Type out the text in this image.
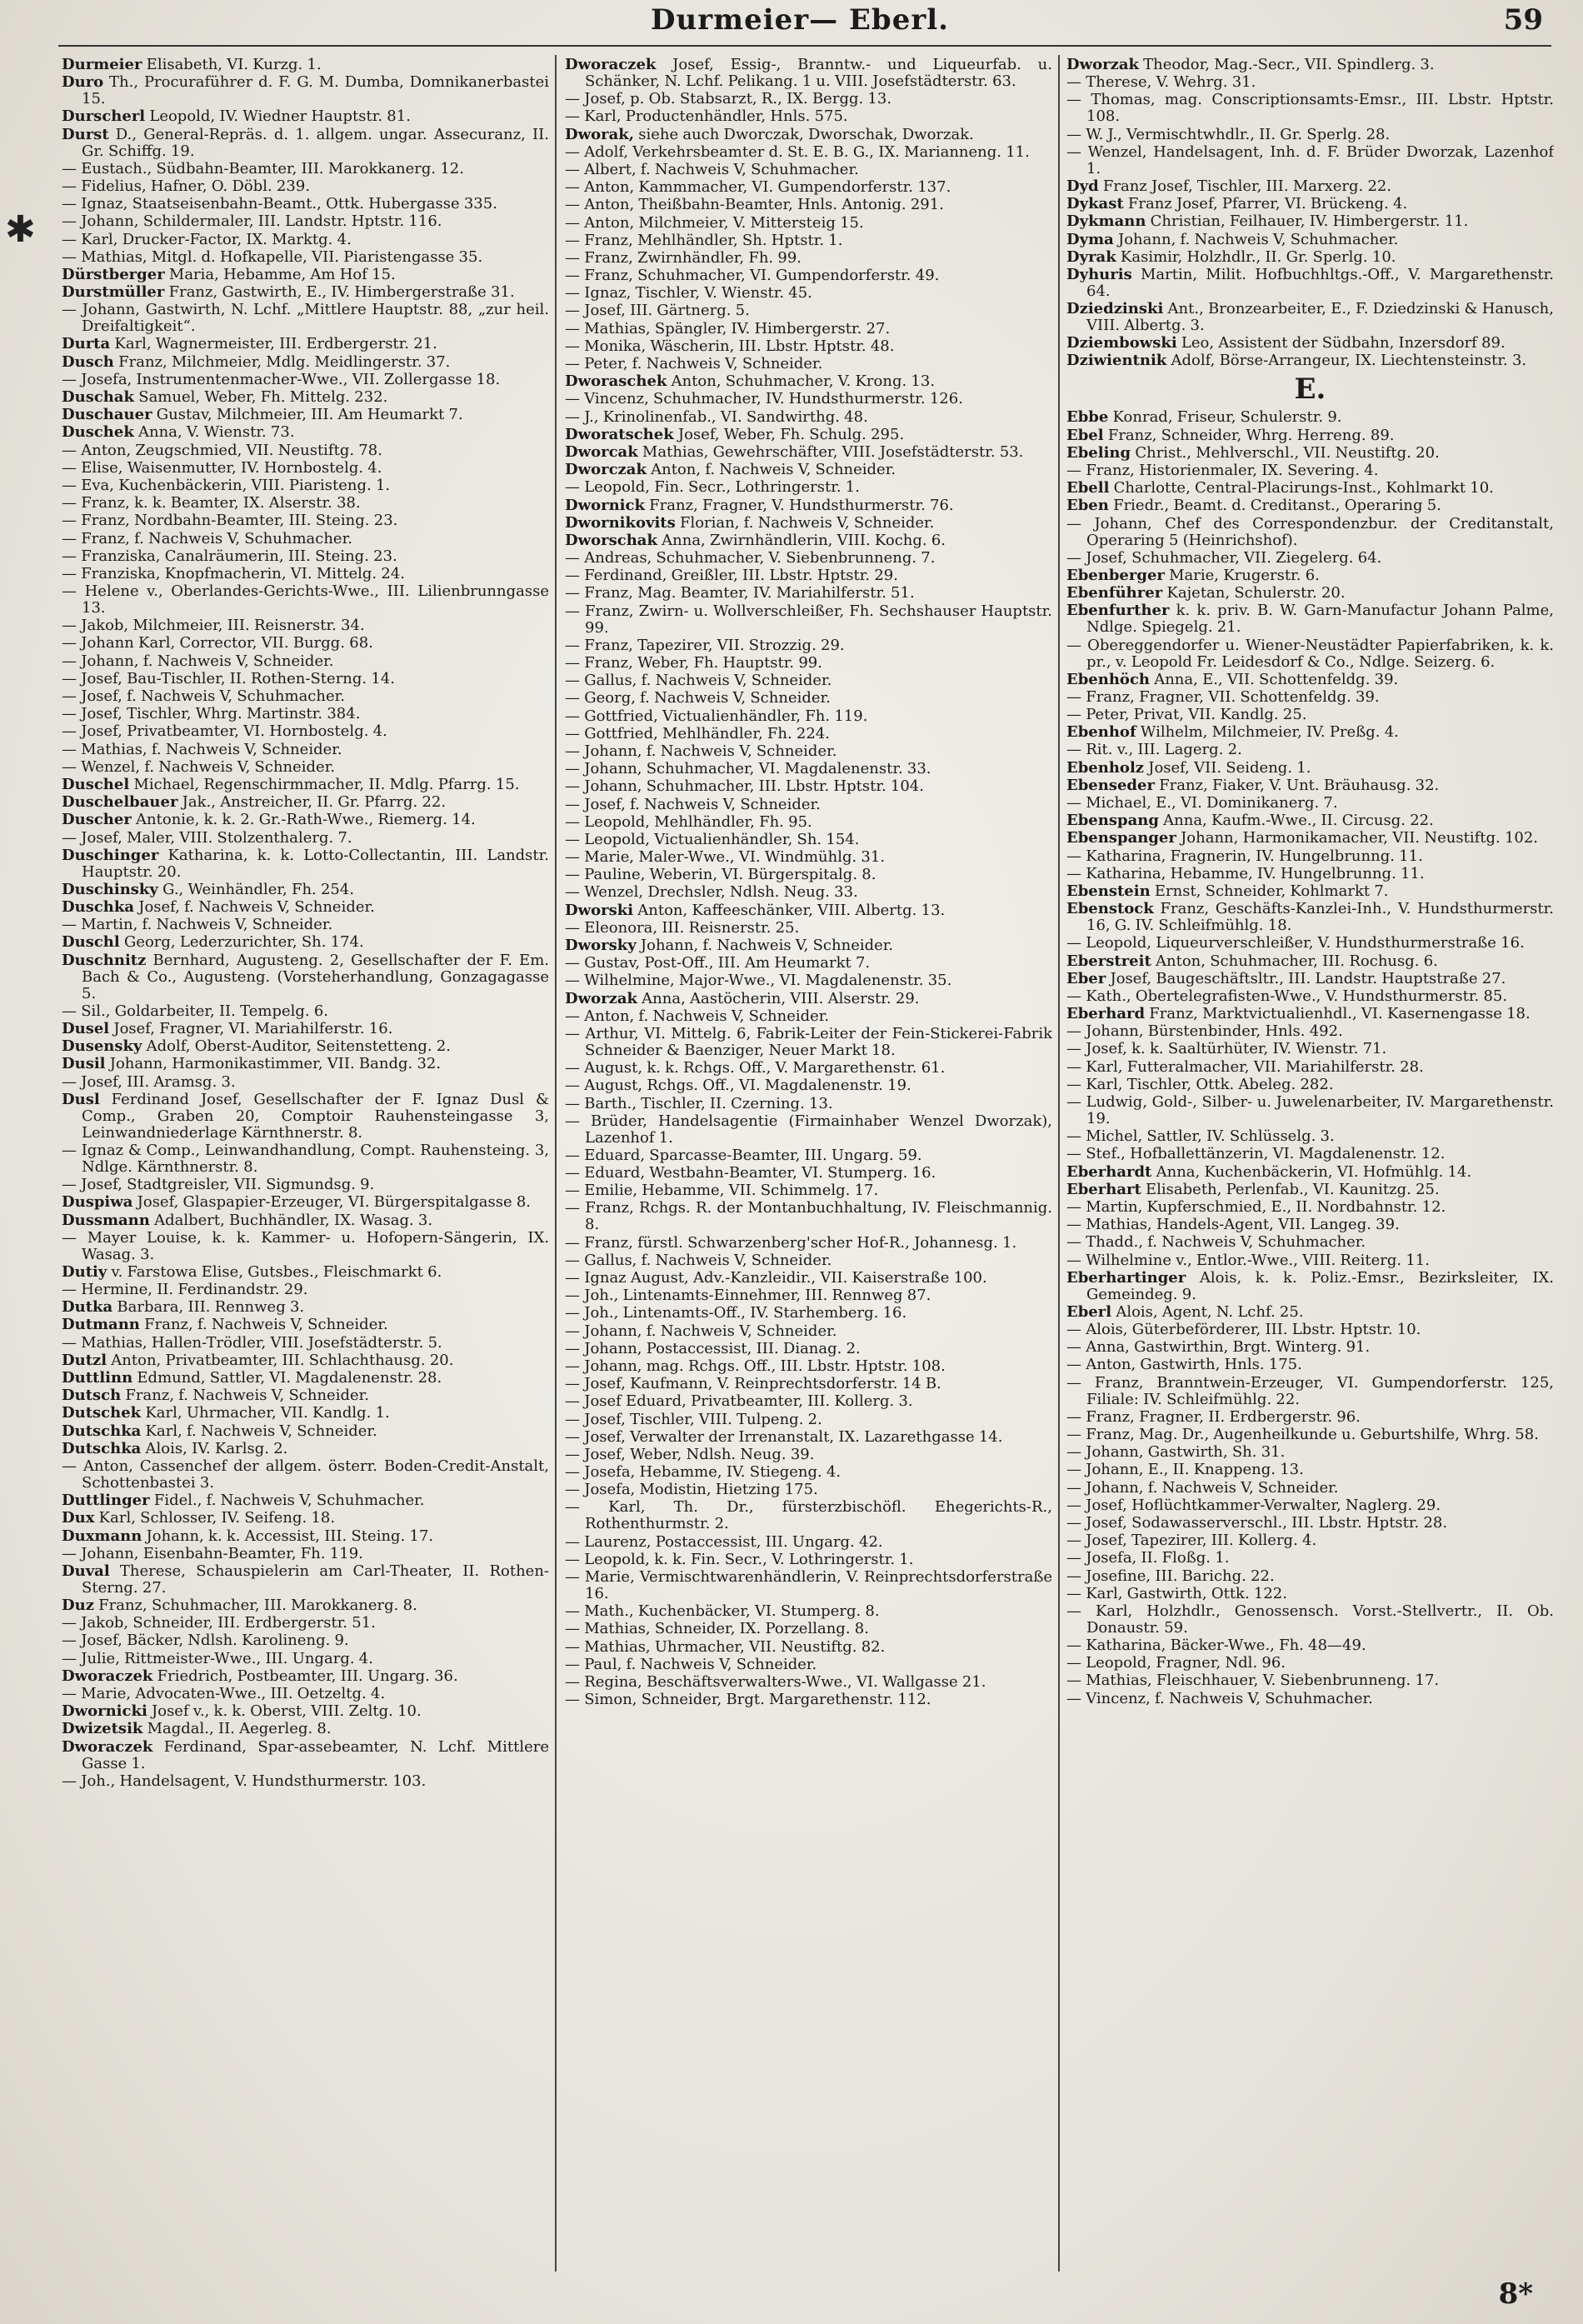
Durmeier— Eberl.	59
✱
Durmeier Elisabeth, VI. Kurzg. 1.
Duro Th., Procuraführer d. F. G. M. Dumba, Domnikanerbastei 15.
Durscherl Leopold, IV. Wiedner Hauptstr. 81.
Durst D., General-Repräs. d. 1. allgem. ungar. Assecuranz, II. Gr. Schiffg. 19.
— Eustach., Südbahn-Beamter, III. Marokkanerg. 12.
— Fidelius, Hafner, O. Döbl. 239.
— Ignaz, Staatseisenbahn-Beamt., Ottk. Hubergasse 335.
— Johann, Schildermaler, III. Landstr. Hptstr. 116.
— Karl, Drucker-Factor, IX. Marktg. 4.
— Mathias, Mitgl. d. Hofkapelle, VII. Piaristengasse 35.
Dürstberger Maria, Hebamme, Am Hof 15.
Durstmüller Franz, Gastwirth, E., IV. Himbergerstraße 31.
— Johann, Gastwirth, N. Lchf. „Mittlere Hauptstr. 88, „zur heil. Dreifaltigkeit“.
Durta Karl, Wagnermeister, III. Erdbergerstr. 21.
Dusch Franz, Milchmeier, Mdlg. Meidlingerstr. 37.
— Josefa, Instrumentenmacher-Wwe., VII. Zollergasse 18.
Duschak Samuel, Weber, Fh. Mittelg. 232.
Duschauer Gustav, Milchmeier, III. Am Heumarkt 7.
Duschek Anna, V. Wienstr. 73.
— Anton, Zeugschmied, VII. Neustiftg. 78.
— Elise, Waisenmutter, IV. Hornbostelg. 4.
— Eva, Kuchenbäckerin, VIII. Piaristeng. 1.
— Franz, k. k. Beamter, IX. Alserstr. 38.
— Franz, Nordbahn-Beamter, III. Steing. 23.
— Franz, f. Nachweis V, Schuhmacher.
— Franziska, Canalräumerin, III. Steing. 23.
— Franziska, Knopfmacherin, VI. Mittelg. 24.
— Helene v., Oberlandes-Gerichts-Wwe., III. Lilienbrunngasse 13.
— Jakob, Milchmeier, III. Reisnerstr. 34.
— Johann Karl, Corrector, VII. Burgg. 68.
— Johann, f. Nachweis V, Schneider.
— Josef, Bau-Tischler, II. Rothen-Sterng. 14.
— Josef, f. Nachweis V, Schuhmacher.
— Josef, Tischler, Whrg. Martinstr. 384.
— Josef, Privatbeamter, VI. Hornbostelg. 4.
— Mathias, f. Nachweis V, Schneider.
— Wenzel, f. Nachweis V, Schneider.
Duschel Michael, Regenschirmmacher, II. Mdlg. Pfarrg. 15.
Duschelbauer Jak., Anstreicher, II. Gr. Pfarrg. 22.
Duscher Antonie, k. k. 2. Gr.-Rath-Wwe., Riemerg. 14.
— Josef, Maler, VIII. Stolzenthalerg. 7.
Duschinger Katharina, k. k. Lotto-Collectantin, III. Landstr. Hauptstr. 20.
Duschinsky G., Weinhändler, Fh. 254.
Duschka Josef, f. Nachweis V, Schneider.
— Martin, f. Nachweis V, Schneider.
Duschl Georg, Lederzurichter, Sh. 174.
Duschnitz Bernhard, Augusteng. 2, Gesellschafter der F. Em. Bach & Co., Augusteng. (Vorsteherhandlung, Gonzagagasse 5.
— Sil., Goldarbeiter, II. Tempelg. 6.
Dusel Josef, Fragner, VI. Mariahilferstr. 16.
Dusensky Adolf, Oberst-Auditor, Seitenstetteng. 2.
Dusil Johann, Harmonikastimmer, VII. Bandg. 32.
— Josef, III. Aramsg. 3.
Dusl Ferdinand Josef, Gesellschafter der F. Ignaz Dusl & Comp., Graben 20, Comptoir Rauhensteingasse 3, Leinwandniederlage Kärnthnerstr. 8.
— Ignaz & Comp., Leinwandhandlung, Compt. Rauhensteing. 3, Ndlge. Kärnthnerstr. 8.
— Josef, Stadtgreisler, VII. Sigmundsg. 9.
Duspiwa Josef, Glaspapier-Erzeuger, VI. Bürgerspitalgasse 8.
Dussmann Adalbert, Buchhändler, IX. Wasag. 3.
— Mayer Louise, k. k. Kammer- u. Hofopern-Sängerin, IX. Wasag. 3.
Dutiy v. Farstowa Elise, Gutsbes., Fleischmarkt 6.
— Hermine, II. Ferdinandstr. 29.
Dutka Barbara, III. Rennweg 3.
Dutmann Franz, f. Nachweis V, Schneider.
— Mathias, Hallen-Trödler, VIII. Josefstädterstr. 5.
Dutzl Anton, Privatbeamter, III. Schlachthausg. 20.
Duttlinn Edmund, Sattler, VI. Magdalenenstr. 28.
Dutsch Franz, f. Nachweis V, Schneider.
Dutschek Karl, Uhrmacher, VII. Kandlg. 1.
Dutschka Karl, f. Nachweis V, Schneider.
Dutschka Alois, IV. Karlsg. 2.
— Anton, Cassenchef der allgem. österr. Boden-Credit-Anstalt, Schottenbastei 3.
Duttlinger Fidel., f. Nachweis V, Schuhmacher.
Dux Karl, Schlosser, IV. Seifeng. 18.
Duxmann Johann, k. k. Accessist, III. Steing. 17.
— Johann, Eisenbahn-Beamter, Fh. 119.
Duval Therese, Schauspielerin am Carl-Theater, II. Rothen-Sterng. 27.
Duz Franz, Schuhmacher, III. Marokkanerg. 8.
— Jakob, Schneider, III. Erdbergerstr. 51.
— Josef, Bäcker, Ndlsh. Karolineng. 9.
— Julie, Rittmeister-Wwe., III. Ungarg. 4.
Dworaczek Friedrich, Postbeamter, III. Ungarg. 36.
— Marie, Advocaten-Wwe., III. Oetzeltg. 4.
Dwornicki Josef v., k. k. Oberst, VIII. Zeltg. 10.
Dwizetsik Magdal., II. Aegerleg. 8.
Dworaczek Ferdinand, Spar-assebeamter, N. Lchf. Mittlere Gasse 1.
— Joh., Handelsagent, V. Hundsthurmerstr. 103.
Dworaczek Josef, Essig-, Branntw.- und Liqueurfab. u. Schänker, N. Lchf. Pelikang. 1 u. VIII. Josefstädterstr. 63.
— Josef, p. Ob. Stabsarzt, R., IX. Bergg. 13.
— Karl, Productenhändler, Hnls. 575.
Dworak, siehe auch Dworczak, Dworschak, Dworzak.
— Adolf, Verkehrsbeamter d. St. E. B. G., IX. Marianneng. 11.
— Albert, f. Nachweis V, Schuhmacher.
— Anton, Kammmacher, VI. Gumpendorferstr. 137.
— Anton, Theißbahn-Beamter, Hnls. Antonig. 291.
— Anton, Milchmeier, V. Mittersteig 15.
— Franz, Mehlhändler, Sh. Hptstr. 1.
— Franz, Zwirnhändler, Fh. 99.
— Franz, Schuhmacher, VI. Gumpendorferstr. 49.
— Ignaz, Tischler, V. Wienstr. 45.
— Josef, III. Gärtnerg. 5.
— Mathias, Spängler, IV. Himbergerstr. 27.
— Monika, Wäscherin, III. Lbstr. Hptstr. 48.
— Peter, f. Nachweis V, Schneider.
Dworaschek Anton, Schuhmacher, V. Krong. 13.
— Vincenz, Schuhmacher, IV. Hundsthurmerstr. 126.
— J., Krinolinenfab., VI. Sandwirthg. 48.
Dworatschek Josef, Weber, Fh. Schulg. 295.
Dworcak Mathias, Gewehrschäfter, VIII. Josefstädterstr. 53.
Dworczak Anton, f. Nachweis V, Schneider.
— Leopold, Fin. Secr., Lothringerstr. 1.
Dwornick Franz, Fragner, V. Hundsthurmerstr. 76.
Dwornikovits Florian, f. Nachweis V, Schneider.
Dworschak Anna, Zwirnhändlerin, VIII. Kochg. 6.
— Andreas, Schuhmacher, V. Siebenbrunneng. 7.
— Ferdinand, Greißler, III. Lbstr. Hptstr. 29.
— Franz, Mag. Beamter, IV. Mariahilferstr. 51.
— Franz, Zwirn- u. Wollverschleißer, Fh. Sechshauser Hauptstr. 99.
— Franz, Tapezirer, VII. Strozzig. 29.
— Franz, Weber, Fh. Hauptstr. 99.
— Gallus, f. Nachweis V, Schneider.
— Georg, f. Nachweis V, Schneider.
— Gottfried, Victualienhändler, Fh. 119.
— Gottfried, Mehlhändler, Fh. 224.
— Johann, f. Nachweis V, Schneider.
— Johann, Schuhmacher, VI. Magdalenenstr. 33.
— Johann, Schuhmacher, III. Lbstr. Hptstr. 104.
— Josef, f. Nachweis V, Schneider.
— Leopold, Mehlhändler, Fh. 95.
— Leopold, Victualienhändler, Sh. 154.
— Marie, Maler-Wwe., VI. Windmühlg. 31.
— Pauline, Weberin, VI. Bürgerspitalg. 8.
— Wenzel, Drechsler, Ndlsh. Neug. 33.
Dworski Anton, Kaffeeschänker, VIII. Albertg. 13.
— Eleonora, III. Reisnerstr. 25.
Dworsky Johann, f. Nachweis V, Schneider.
— Gustav, Post-Off., III. Am Heumarkt 7.
— Wilhelmine, Major-Wwe., VI. Magdalenenstr. 35.
Dworzak Anna, Aastöcherin, VIII. Alserstr. 29.
— Anton, f. Nachweis V, Schneider.
— Arthur, VI. Mittelg. 6, Fabrik-Leiter der Fein-Stickerei-Fabrik Schneider & Baenziger, Neuer Markt 18.
— August, k. k. Rchgs. Off., V. Margarethenstr. 61.
— August, Rchgs. Off., VI. Magdalenenstr. 19.
— Barth., Tischler, II. Czerning. 13.
— Brüder, Handelsagentie (Firmainhaber Wenzel Dworzak), Lazenhof 1.
— Eduard, Sparcasse-Beamter, III. Ungarg. 59.
— Eduard, Westbahn-Beamter, VI. Stumperg. 16.
— Emilie, Hebamme, VII. Schimmelg. 17.
— Franz, Rchgs. R. der Montanbuchhaltung, IV. Fleischmannig. 8.
— Franz, fürstl. Schwarzenberg'scher Hof-R., Johannesg. 1.
— Gallus, f. Nachweis V, Schneider.
— Ignaz August, Adv.-Kanzleidir., VII. Kaiserstraße 100.
— Joh., Lintenamts-Einnehmer, III. Rennweg 87.
— Joh., Lintenamts-Off., IV. Starhemberg. 16.
— Johann, f. Nachweis V, Schneider.
— Johann, Postaccessist, III. Dianag. 2.
— Johann, mag. Rchgs. Off., III. Lbstr. Hptstr. 108.
— Josef, Kaufmann, V. Reinprechtsdorferstr. 14 B.
— Josef Eduard, Privatbeamter, III. Kollerg. 3.
— Josef, Tischler, VIII. Tulpeng. 2.
— Josef, Verwalter der Irrenanstalt, IX. Lazarethgasse 14.
— Josef, Weber, Ndlsh. Neug. 39.
— Josefa, Hebamme, IV. Stiegeng. 4.
— Josefa, Modistin, Hietzing 175.
— Karl, Th. Dr., fürsterzbischöfl. Ehegerichts-R., Rothenthurmstr. 2.
— Laurenz, Postaccessist, III. Ungarg. 42.
— Leopold, k. k. Fin. Secr., V. Lothringerstr. 1.
— Marie, Vermischtwarenhändlerin, V. Reinprechtsdorferstraße 16.
— Math., Kuchenbäcker, VI. Stumperg. 8.
— Mathias, Schneider, IX. Porzellang. 8.
— Mathias, Uhrmacher, VII. Neustiftg. 82.
— Paul, f. Nachweis V, Schneider.
— Regina, Beschäftsverwalters-Wwe., VI. Wallgasse 21.
— Simon, Schneider, Brgt. Margarethenstr. 112.
Dworzak Theodor, Mag.-Secr., VII. Spindlerg. 3.
— Therese, V. Wehrg. 31.
— Thomas, mag. Conscriptionsamts-Emsr., III. Lbstr. Hptstr. 108.
— W. J., Vermischtwhdlr., II. Gr. Sperlg. 28.
— Wenzel, Handelsagent, Inh. d. F. Brüder Dworzak, Lazenhof 1.
Dyd Franz Josef, Tischler, III. Marxerg. 22.
Dykast Franz Josef, Pfarrer, VI. Brückeng. 4.
Dykmann Christian, Feilhauer, IV. Himbergerstr. 11.
Dyma Johann, f. Nachweis V, Schuhmacher.
Dyrak Kasimir, Holzhdlr., II. Gr. Sperlg. 10.
Dyhuris Martin, Milit. Hofbuchhltgs.-Off., V. Margarethenstr. 64.
Dziedzinski Ant., Bronzearbeiter, E., F. Dziedzinski & Hanusch, VIII. Albertg. 3.
Dziembowski Leo, Assistent der Südbahn, Inzersdorf 89.
Dziwientnik Adolf, Börse-Arrangeur, IX. Liechtensteinstr. 3.
E.
Ebbe Konrad, Friseur, Schulerstr. 9.
Ebel Franz, Schneider, Whrg. Herreng. 89.
Ebeling Christ., Mehlverschl., VII. Neustiftg. 20.
— Franz, Historienmaler, IX. Severing. 4.
Ebell Charlotte, Central-Placirungs-Inst., Kohlmarkt 10.
Eben Friedr., Beamt. d. Creditanst., Operaring 5.
— Johann, Chef des Correspondenzbur. der Creditanstalt, Operaring 5 (Heinrichshof).
— Josef, Schuhmacher, VII. Ziegelerg. 64.
Ebenberger Marie, Krugerstr. 6.
Ebenführer Kajetan, Schulerstr. 20.
Ebenfurther k. k. priv. B. W. Garn-Manufactur Johann Palme, Ndlge. Spiegelg. 21.
— Obereggendorfer u. Wiener-Neustädter Papierfabriken, k. k. pr., v. Leopold Fr. Leidesdorf & Co., Ndlge. Seizerg. 6.
Ebenhöch Anna, E., VII. Schottenfeldg. 39.
— Franz, Fragner, VII. Schottenfeldg. 39.
— Peter, Privat, VII. Kandlg. 25.
Ebenhof Wilhelm, Milchmeier, IV. Preßg. 4.
— Rit. v., III. Lagerg. 2.
Ebenholz Josef, VII. Seideng. 1.
Ebenseder Franz, Fiaker, V. Unt. Bräuhausg. 32.
— Michael, E., VI. Dominikanerg. 7.
Ebenspang Anna, Kaufm.-Wwe., II. Circusg. 22.
Ebenspanger Johann, Harmonikamacher, VII. Neustiftg. 102.
— Katharina, Fragnerin, IV. Hungelbrunng. 11.
— Katharina, Hebamme, IV. Hungelbrunng. 11.
Ebenstein Ernst, Schneider, Kohlmarkt 7.
Ebenstock Franz, Geschäfts-Kanzlei-Inh., V. Hundsthurmerstr. 16, G. IV. Schleifmühlg. 18.
— Leopold, Liqueurverschleißer, V. Hundsthurmerstraße 16.
Eberstreit Anton, Schuhmacher, III. Rochusg. 6.
Eber Josef, Baugeschäftsltr., III. Landstr. Hauptstraße 27.
— Kath., Obertelegrafisten-Wwe., V. Hundsthurmerstr. 85.
Eberhard Franz, Marktvictualienhdl., VI. Kasernengasse 18.
— Johann, Bürstenbinder, Hnls. 492.
— Josef, k. k. Saaltürhüter, IV. Wienstr. 71.
— Karl, Futteralmacher, VII. Mariahilferstr. 28.
— Karl, Tischler, Ottk. Abeleg. 282.
— Ludwig, Gold-, Silber- u. Juwelenarbeiter, IV. Margarethenstr. 19.
— Michel, Sattler, IV. Schlüsselg. 3.
— Stef., Hofballettänzerin, VI. Magdalenenstr. 12.
Eberhardt Anna, Kuchenbäckerin, VI. Hofmühlg. 14.
Eberhart Elisabeth, Perlenfab., VI. Kaunitzg. 25.
— Martin, Kupferschmied, E., II. Nordbahnstr. 12.
— Mathias, Handels-Agent, VII. Langeg. 39.
— Thadd., f. Nachweis V, Schuhmacher.
— Wilhelmine v., Entlor.-Wwe., VIII. Reiterg. 11.
Eberhartinger Alois, k. k. Poliz.-Emsr., Bezirksleiter, IX. Gemeindeg. 9.
Eberl Alois, Agent, N. Lchf. 25.
— Alois, Güterbeförderer, III. Lbstr. Hptstr. 10.
— Anna, Gastwirthin, Brgt. Winterg. 91.
— Anton, Gastwirth, Hnls. 175.
— Franz, Branntwein-Erzeuger, VI. Gumpendorferstr. 125, Filiale: IV. Schleifmühlg. 22.
— Franz, Fragner, II. Erdbergerstr. 96.
— Franz, Mag. Dr., Augenheilkunde u. Geburtshilfe, Whrg. 58.
— Johann, Gastwirth, Sh. 31.
— Johann, E., II. Knappeng. 13.
— Johann, f. Nachweis V, Schneider.
— Josef, Hoflüchtkammer-Verwalter, Naglerg. 29.
— Josef, Sodawasserverschl., III. Lbstr. Hptstr. 28.
— Josef, Tapezirer, III. Kollerg. 4.
— Josefa, II. Floßg. 1.
— Josefine, III. Barichg. 22.
— Karl, Gastwirth, Ottk. 122.
— Karl, Holzhdlr., Genossensch. Vorst.-Stellvertr., II. Ob. Donaustr. 59.
— Katharina, Bäcker-Wwe., Fh. 48—49.
— Leopold, Fragner, Ndl. 96.
— Mathias, Fleischhauer, V. Siebenbrunneng. 17.
— Vincenz, f. Nachweis V, Schuhmacher.
8*
